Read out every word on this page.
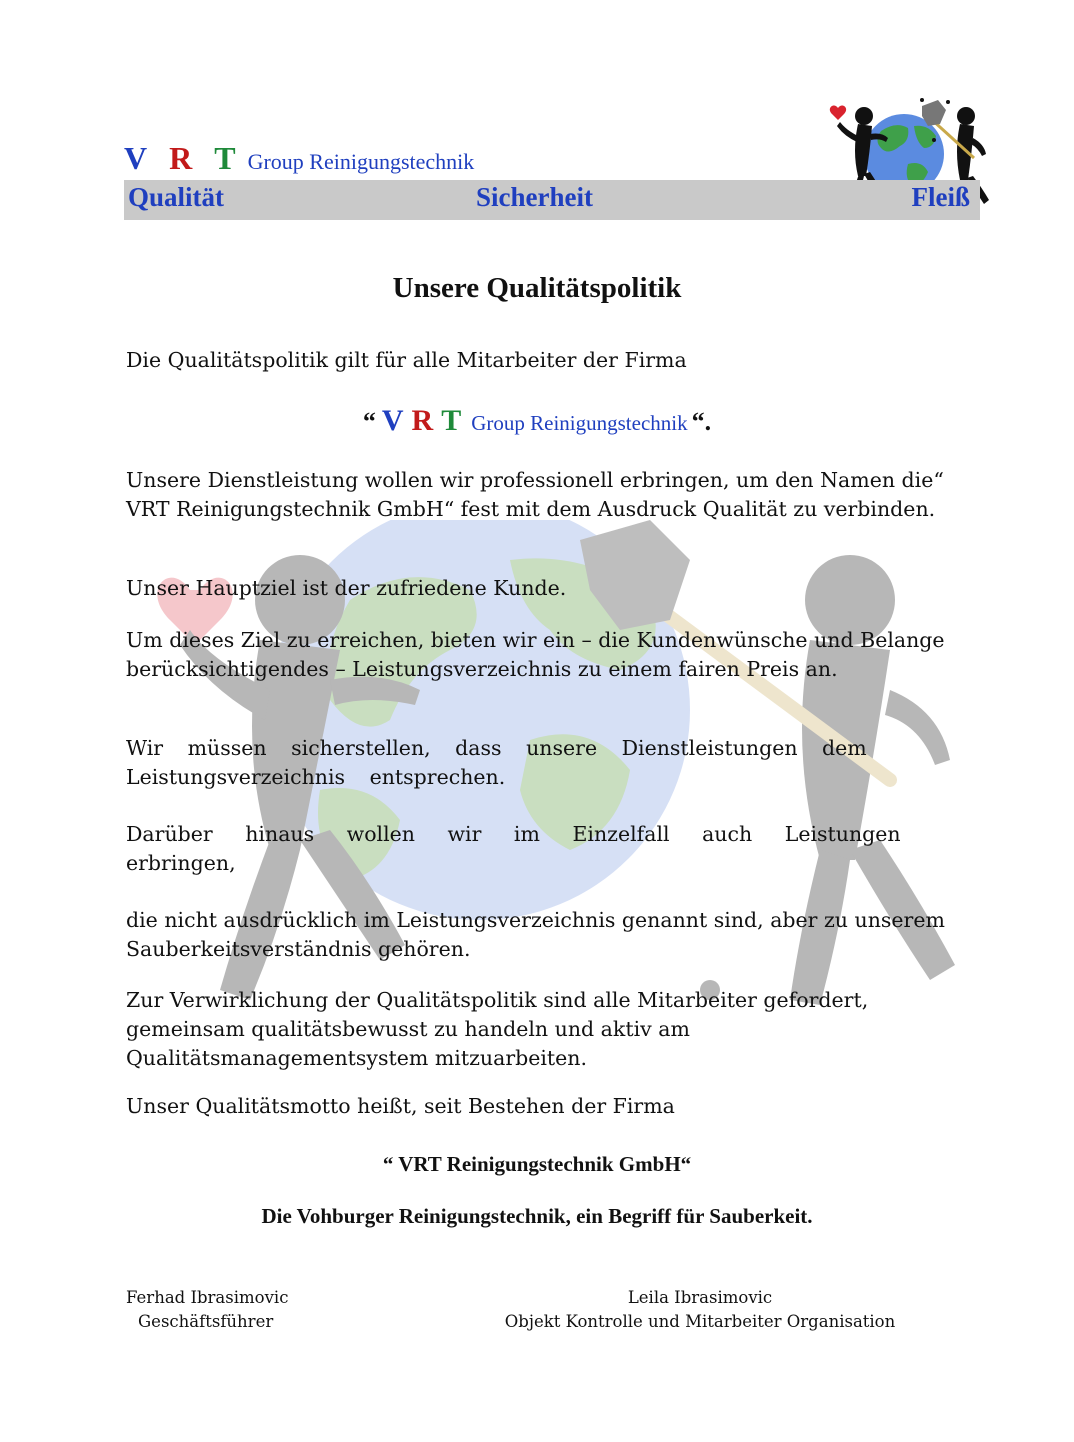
V R T Group Reinigungstechnik
Qualität	Sicherheit	Fleiß
Unsere Qualitätspolitik
Die Qualitätspolitik gilt für alle Mitarbeiter der Firma
“ V R T Group Reinigungstechnik “.
Unsere Dienstleistung wollen wir professionell erbringen, um den Namen die“ VRT Reinigungstechnik GmbH“ fest mit dem Ausdruck Qualität zu verbinden.
Unser Hauptziel ist der zufriedene Kunde.
Um dieses Ziel zu erreichen, bieten wir ein – die Kundenwünsche und Belange berücksichtigendes – Leistungsverzeichnis zu einem fairen Preis an.
Wir müssen sicherstellen, dass unsere Dienstleistungen dem Leistungsverzeichnis entsprechen.
Darüber hinaus wollen wir im Einzelfall auch Leistungen erbringen,
die nicht ausdrücklich im Leistungsverzeichnis genannt sind, aber zu unserem Sauberkeitsverständnis gehören.
Zur Verwirklichung der Qualitätspolitik sind alle Mitarbeiter gefordert, gemeinsam qualitätsbewusst zu handeln und aktiv am Qualitätsmanagementsystem mitzuarbeiten.
Unser Qualitätsmotto heißt, seit Bestehen der Firma
“ VRT Reinigungstechnik GmbH“
Die Vohburger Reinigungstechnik, ein Begriff für Sauberkeit.
Ferhad Ibrasimovic
Geschäftsführer
Leila Ibrasimovic
Objekt Kontrolle und Mitarbeiter Organisation
